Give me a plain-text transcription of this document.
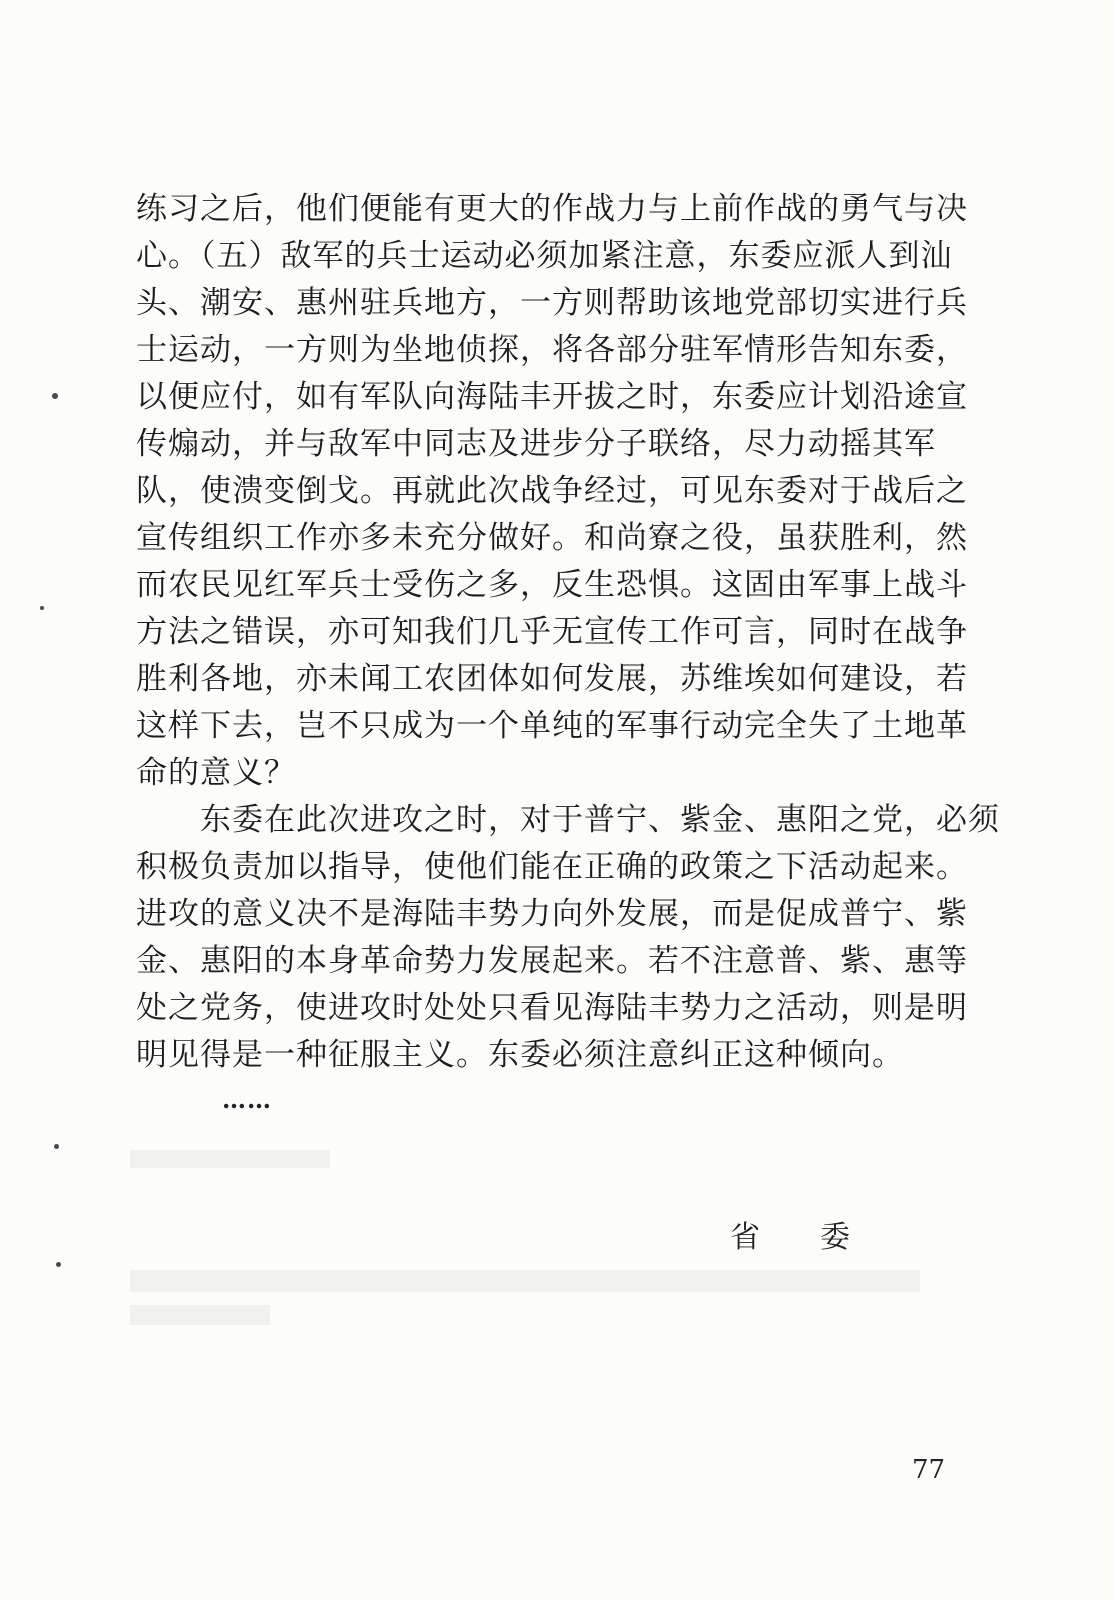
练习之后，他们便能有更大的作战力与上前作战的勇气与决
心。（五）敌军的兵士运动必须加紧注意，东委应派人到汕
头、潮安、惠州驻兵地方，一方则帮助该地党部切实进行兵
士运动，一方则为坐地侦探，将各部分驻军情形告知东委，
以便应付，如有军队向海陆丰开拔之时，东委应计划沿途宣
传煽动，并与敌军中同志及进步分子联络，尽力动摇其军
队，使溃变倒戈。再就此次战争经过，可见东委对于战后之
宣传组织工作亦多未充分做好。和尚寮之役，虽获胜利，然
而农民见红军兵士受伤之多，反生恐惧。这固由军事上战斗
方法之错误，亦可知我们几乎无宣传工作可言，同时在战争
胜利各地，亦未闻工农团体如何发展，苏维埃如何建设，若
这样下去，岂不只成为一个单纯的军事行动完全失了土地革
命的意义？
　　东委在此次进攻之时，对于普宁、紫金、惠阳之党，必须
积极负责加以指导，使他们能在正确的政策之下活动起来。
进攻的意义决不是海陆丰势力向外发展，而是促成普宁、紫
金、惠阳的本身革命势力发展起来。若不注意普、紫、惠等
处之党务，使进攻时处处只看见海陆丰势力之活动，则是明
明见得是一种征服主义。东委必须注意纠正这种倾向。
……
省委
77
